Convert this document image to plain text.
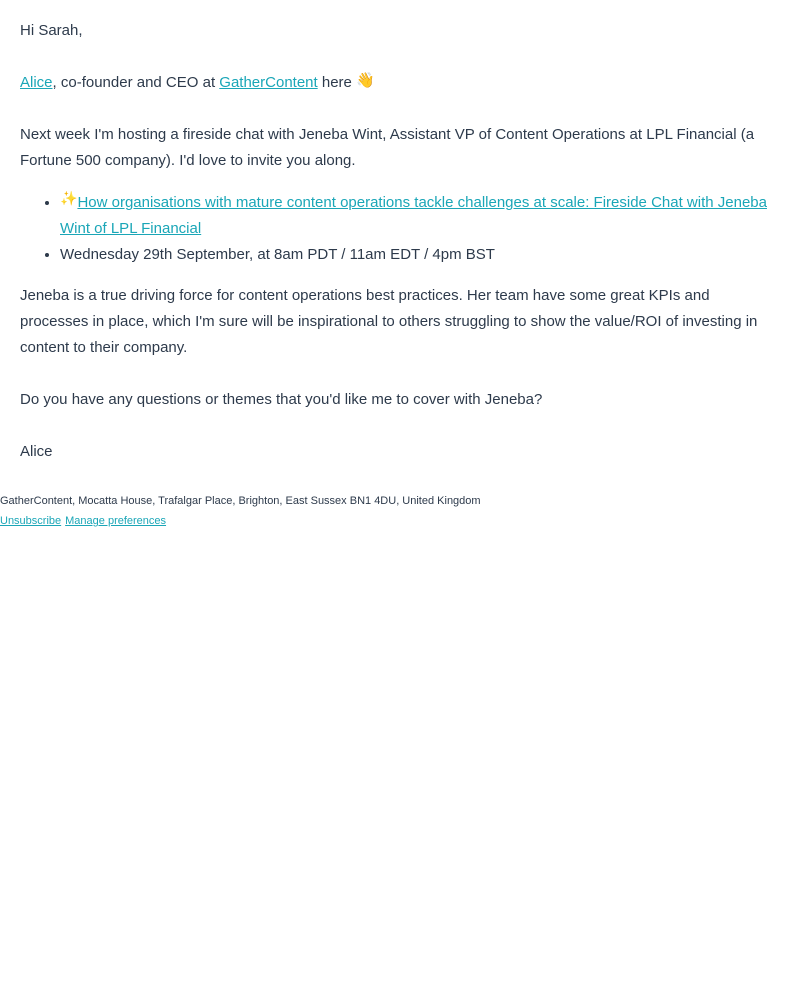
Hi Sarah,

Alice, co-founder and CEO at GatherContent here 👋

Next week I'm hosting a fireside chat with Jeneba Wint, Assistant VP of Content Operations at LPL Financial (a Fortune 500 company). I'd love to invite you along.

• ✨How organisations with mature content operations tackle challenges at scale: Fireside Chat with Jeneba Wint of LPL Financial
• Wednesday 29th September, at 8am PDT / 11am EDT / 4pm BST

Jeneba is a true driving force for content operations best practices. Her team have some great KPIs and processes in place, which I'm sure will be inspirational to others struggling to show the value/ROI of investing in content to their company.

Do you have any questions or themes that you'd like me to cover with Jeneba?

Alice

GatherContent, Mocatta House, Trafalgar Place, Brighton, East Sussex BN1 4DU, United Kingdom
Unsubscribe Manage preferences
